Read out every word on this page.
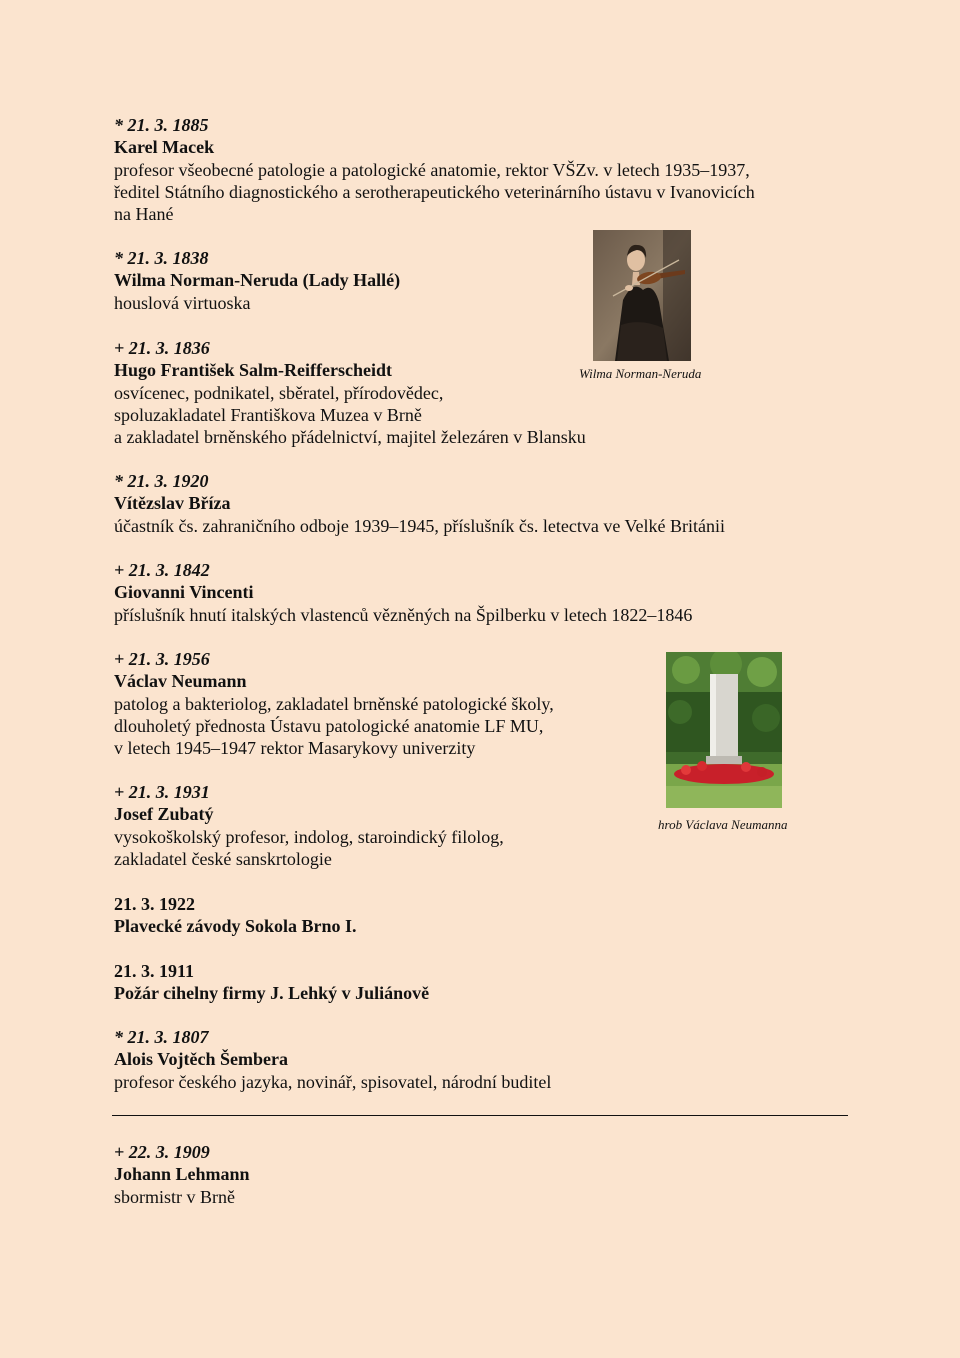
* 21. 3. 1885
Karel Macek
profesor všeobecné patologie a patologické anatomie, rektor VŠZv. v letech 1935–1937,
ředitel Státního diagnostického a serotherapeutického veterinárního ústavu v Ivanovicích
na Hané
* 21. 3. 1838
Wilma Norman-Neruda (Lady Hallé)
houslová virtuoska
+ 21. 3. 1836
Hugo František Salm-Reifferscheidt
osvícenec, podnikatel, sběratel, přírodovědec,
spoluzakladatel Františkova Muzea v Brně
a zakladatel brněnského přádelnictví, majitel železáren v Blansku
* 21. 3. 1920
Vítězslav Bříza
účastník čs. zahraničního odboje 1939–1945, příslušník čs. letectva ve Velké Británii
+ 21. 3. 1842
Giovanni Vincenti
příslušník hnutí italských vlastenců vězněných na Špilberku v letech 1822–1846
+ 21. 3. 1956
Václav Neumann
patolog a bakteriolog, zakladatel brněnské patologické školy,
dlouholetý přednosta Ústavu patologické anatomie LF MU,
v letech 1945–1947 rektor Masarykovy univerzity
+ 21. 3. 1931
Josef Zubatý
vysokoškolský profesor, indolog, staroindický filolog,
zakladatel české sanskrtologie
21. 3. 1922
Plavecké závody Sokola Brno I.
21. 3. 1911
Požár cihelny firmy J. Lehký v Juliánově
* 21. 3. 1807
Alois Vojtěch Šembera
profesor českého jazyka, novinář, spisovatel, národní buditel
+ 22. 3. 1909
Johann Lehmann
sbormistr v Brně
Wilma Norman-Neruda
hrob Václava Neumanna
